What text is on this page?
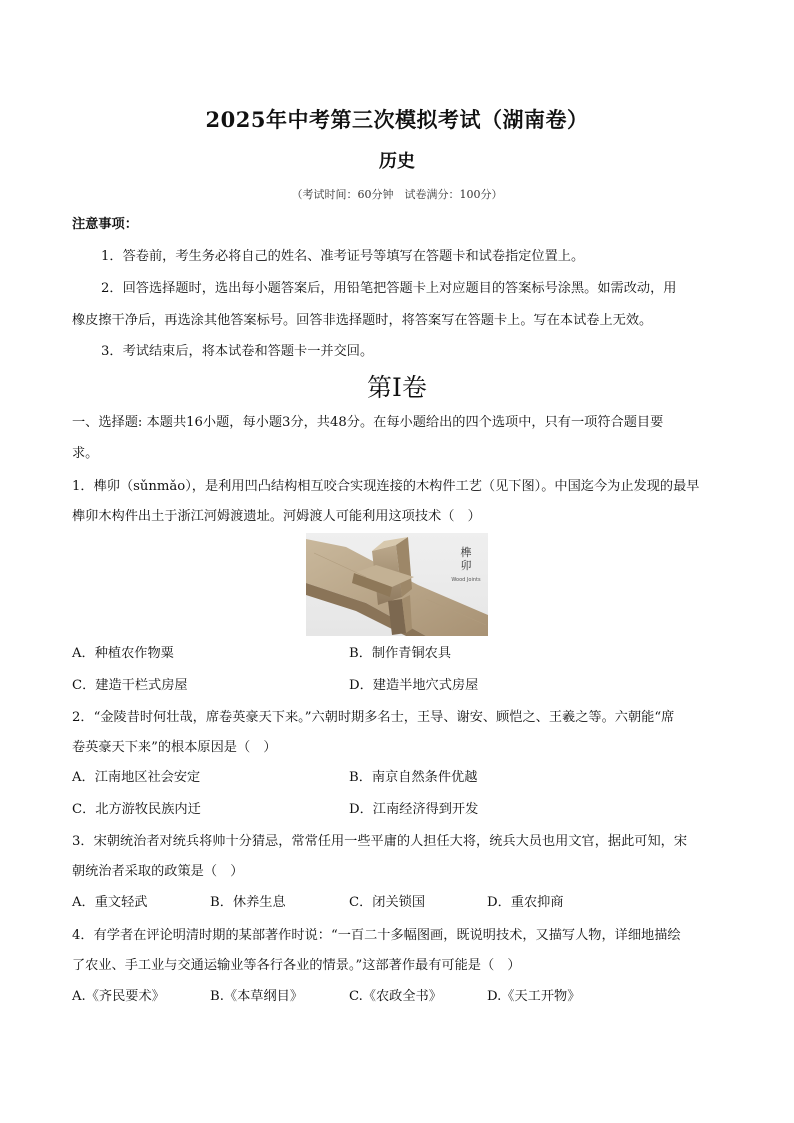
2025年中考第三次模拟考试（湖南卷）
历史
（考试时间：60分钟　试卷满分：100分）
注意事项：
1．答卷前，考生务必将自己的姓名、准考证号等填写在答题卡和试卷指定位置上。
2．回答选择题时，选出每小题答案后，用铅笔把答题卡上对应题目的答案标号涂黑。如需改动，用
橡皮擦干净后，再选涂其他答案标号。回答非选择题时，将答案写在答题卡上。写在本试卷上无效。
3．考试结束后，将本试卷和答题卡一并交回。
第Ⅰ卷
一、选择题: 本题共16小题，每小题3分，共48分。在每小题给出的四个选项中，只有一项符合题目要
求。
1．榫卯（sǔnmǎo），是利用凹凸结构相互咬合实现连接的木构件工艺（见下图）。中国迄今为止发现的最早
榫卯木构件出土于浙江河姆渡遗址。河姆渡人可能利用这项技术（　）
榫卯
Wood Joints
A．种植农作物粟	B．制作青铜农具
C．建造干栏式房屋	D．建造半地穴式房屋
2．“金陵昔时何壮哉，席卷英豪天下来。”六朝时期多名士，王导、谢安、顾恺之、王羲之等。六朝能“席
卷英豪天下来”的根本原因是（　）
A．江南地区社会安定	B．南京自然条件优越
C．北方游牧民族内迁	D．江南经济得到开发
3．宋朝统治者对统兵将帅十分猜忌，常常任用一些平庸的人担任大将，统兵大员也用文官，据此可知，宋
朝统治者采取的政策是（　）
A．重文轻武	B．休养生息	C．闭关锁国	D．重农抑商
4．有学者在评论明清时期的某部著作时说：“一百二十多幅图画，既说明技术，又描写人物，详细地描绘
了农业、手工业与交通运输业等各行各业的情景。”这部著作最有可能是（　）
A.《齐民要术》	B.《本草纲目》	C.《农政全书》	D.《天工开物》
